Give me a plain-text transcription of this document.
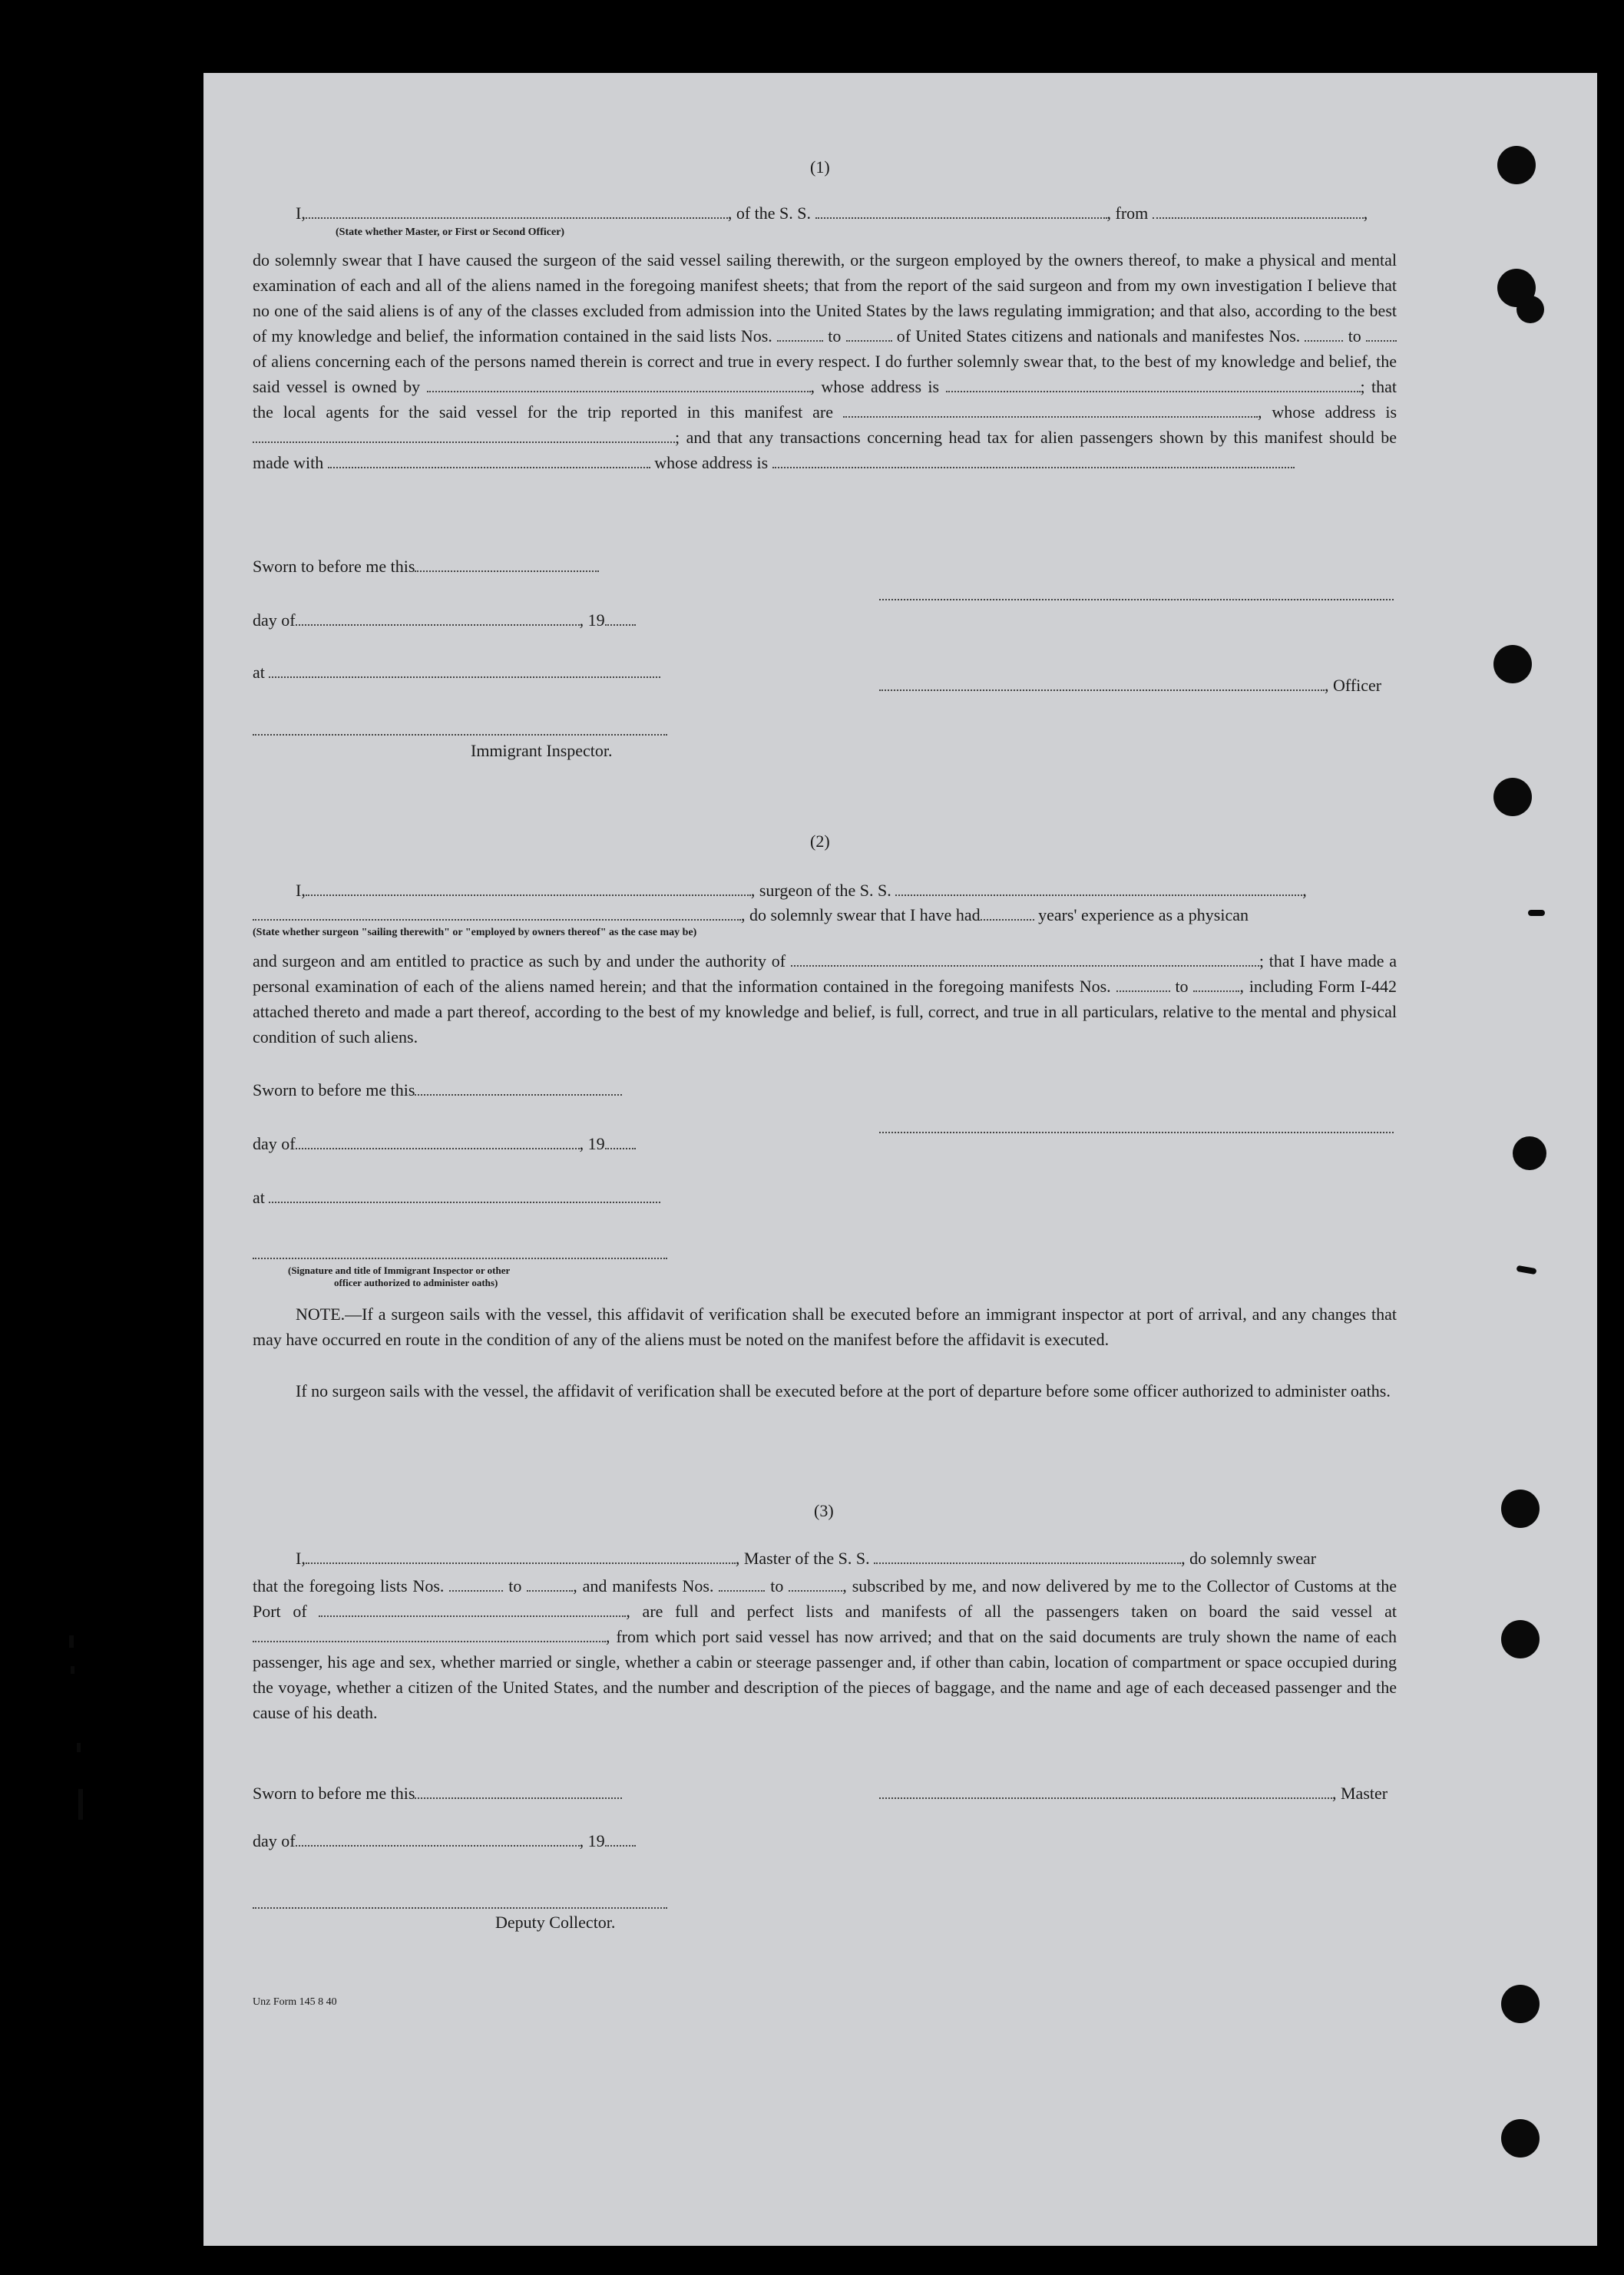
(1)
I,	, of the S. S.	, from	,
(State whether Master, or First or Second Officer)
do solemnly swear that I have caused the surgeon of the said vessel sailing therewith, or the surgeon employed by the owners thereof, to make a physical and mental examination of each and all of the aliens named in the foregoing manifest sheets; that from the report of the said surgeon and from my own investigation I believe that no one of the said aliens is of any of the classes excluded from admission into the United States by the laws regulating immigration; and that also, according to the best of my knowledge and belief, the information contained in the said lists Nos.	to	of United States citizens and nationals and manifestes Nos.	to  of aliens concerning each of the persons named therein is correct and true in every respect. I do further solemnly swear that, to the best of my knowledge and belief, the said vessel is owned by	, whose address is	; that the local agents for the said vessel for the trip reported in this manifest are	, whose address is ; and that any transactions concerning head tax for alien passengers shown by this manifest should be made with	whose address is
Sworn to before me this
day of	, 19
at
, Officer
Immigrant Inspector.
(2)
I,	, surgeon of the S. S.	,
, do solemnly swear that I have had	years' experience as a physican
(State whether surgeon "sailing therewith" or "employed by owners thereof" as the case may be)
and surgeon and am entitled to practice as such by and under the authority of	; that I have made a personal examination of each of the aliens named herein; and that the information contained in the foregoing manifests Nos.	to	, including Form I-442 attached thereto and made a part thereof, according to the best of my knowledge and belief, is full, correct, and true in all particulars, relative to the mental and physical condition of such aliens.
Sworn to before me this
day of	, 19
at
(Signature and title of Immigrant Inspector or other
officer authorized to administer oaths)
NOTE.—If a surgeon sails with the vessel, this affidavit of verification shall be executed before an immigrant inspector at port of arrival, and any changes that may have occurred en route in the condition of any of the aliens must be noted on the manifest before the affidavit is executed.
If no surgeon sails with the vessel, the affidavit of verification shall be executed before at the port of departure before some officer authorized to administer oaths.
(3)
I,	, Master of the S. S.	, do solemnly swear
that the foregoing lists Nos.	to	, and manifests Nos.	to	, subscribed by me, and now delivered by me to the Collector of Customs at the Port of	, are full and perfect lists and manifests of all the passengers taken on board the said vessel at , from which port said vessel has now arrived; and that on the said documents are truly shown the name of each passenger, his age and sex, whether married or single, whether a cabin or steerage passenger and, if other than cabin, location of compartment or space occupied during the voyage, whether a citizen of the United States, and the number and description of the pieces of baggage, and the name and age of each deceased passenger and the cause of his death.
Sworn to before me this	, Master
day of	, 19
Deputy Collector.
Unz Form 145 8 40
